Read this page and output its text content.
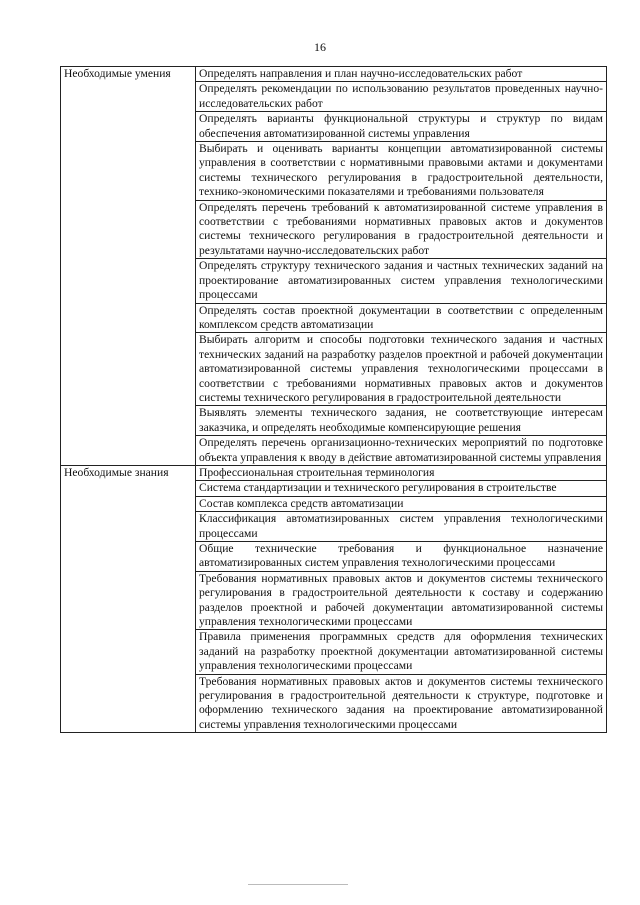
16
Необходимые умения	Определять направления и план научно-исследовательских работ
	Определять рекомендации по использованию результатов проведенных научно-исследовательских работ
	Определять варианты функциональной структуры и структур по видам обеспечения автоматизированной системы управления
	Выбирать и оценивать варианты концепции автоматизированной системы управления в соответствии с нормативными правовыми актами и документами системы технического регулирования в градостроительной деятельности, технико-экономическими показателями и требованиями пользователя
	Определять перечень требований к автоматизированной системе управления в соответствии с требованиями нормативных правовых актов и документов системы технического регулирования в градостроительной деятельности и результатами научно-исследовательских работ
	Определять структуру технического задания и частных технических заданий на проектирование автоматизированных систем управления технологическими процессами
	Определять состав проектной документации в соответствии с определенным комплексом средств автоматизации
	Выбирать алгоритм и способы подготовки технического задания и частных технических заданий на разработку разделов проектной и рабочей документации автоматизированной системы управления технологическими процессами в соответствии с требованиями нормативных правовых актов и документов системы технического регулирования в градостроительной деятельности
	Выявлять элементы технического задания, не соответствующие интересам заказчика, и определять необходимые компенсирующие решения
	Определять перечень организационно-технических мероприятий по подготовке объекта управления к вводу в действие автоматизированной системы управления
Необходимые знания	Профессиональная строительная терминология
	Система стандартизации и технического регулирования в строительстве
	Состав комплекса средств автоматизации
	Классификация автоматизированных систем управления технологическими процессами
	Общие технические требования и функциональное назначение автоматизированных систем управления технологическими процессами
	Требования нормативных правовых актов и документов системы технического регулирования в градостроительной деятельности к составу и содержанию разделов проектной и рабочей документации автоматизированной системы управления технологическими процессами
	Правила применения программных средств для оформления технических заданий на разработку проектной документации автоматизированной системы управления технологическими процессами
	Требования нормативных правовых актов и документов системы технического регулирования в градостроительной деятельности к структуре, подготовке и оформлению технического задания на проектирование автоматизированной системы управления технологическими процессами
